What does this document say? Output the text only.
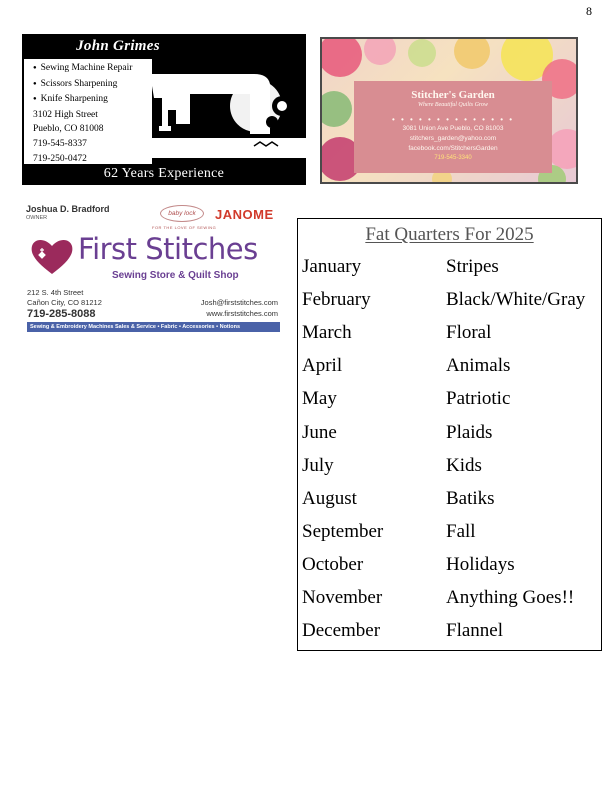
8
John Grimes
● Sewing Machine Repair
● Scissors Sharpening
● Knife Sharpening
3102 High Street
Pueblo, CO 81008
719-545-8337
719-250-0472
62 Years Experience
Stitcher's Garden
Where Beautiful Quilts Grow
• • • • • • • • • • • • • •
3081 Union Ave Pueblo, CO 81003
stitchers_garden@yahoo.com
facebook.com/StitchersGarden
719-545-3340
Joshua D. Bradford
OWNER
baby lock	JANOME
FOR THE LOVE OF SEWING
First Stitches
Sewing Store & Quilt Shop
212 S. 4th Street
Cañon City, CO 81212
719-285-8088
Josh@firststitches.com
www.firststitches.com
Sewing & Embroidery Machines Sales & Service • Fabric • Accessories • Notions
Fat Quarters For 2025
January	Stripes
February	Black/White/Gray
March	Floral
April	Animals
May	Patriotic
June	Plaids
July	Kids
August	Batiks
September	Fall
October	Holidays
November	Anything Goes!!
December	Flannel
